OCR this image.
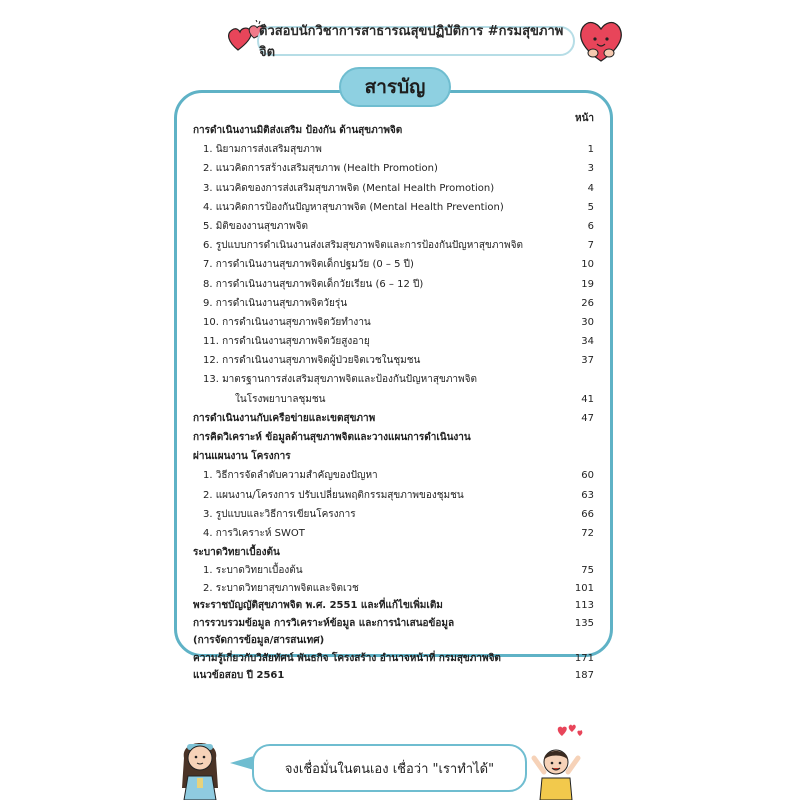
ติวสอบนักวิชาการสาธารณสุขปฏิบัติการ #กรมสุขภาพจิต
สารบัญ
หน้า
การดำเนินงานมิติส่งเสริม ป้องกัน ด้านสุขภาพจิต
1. นิยามการส่งเสริมสุขภาพ	1
2. แนวคิดการสร้างเสริมสุขภาพ (Health Promotion)	3
3. แนวคิดของการส่งเสริมสุขภาพจิต (Mental Health Promotion)	4
4. แนวคิดการป้องกันปัญหาสุขภาพจิต (Mental Health Prevention)	5
5. มิติของงานสุขภาพจิต	6
6. รูปแบบการดำเนินงานส่งเสริมสุขภาพจิตและการป้องกันปัญหาสุขภาพจิต	7
7. การดำเนินงานสุขภาพจิตเด็กปฐมวัย (0 – 5 ปี)	10
8. การดำเนินงานสุขภาพจิตเด็กวัยเรียน (6 – 12 ปี)	19
9. การดำเนินงานสุขภาพจิตวัยรุ่น	26
10. การดำเนินงานสุขภาพจิตวัยทำงาน	30
11. การดำเนินงานสุขภาพจิตวัยสูงอายุ	34
12. การดำเนินงานสุขภาพจิตผู้ป่วยจิตเวชในชุมชน	37
13. มาตรฐานการส่งเสริมสุขภาพจิตและป้องกันปัญหาสุขภาพจิต
ในโรงพยาบาลชุมชน	41
การดำเนินงานกับเครือข่ายและเขตสุขภาพ	47
การคิดวิเคราะห์ ข้อมูลด้านสุขภาพจิตและวางแผนการดำเนินงาน
ผ่านแผนงาน โครงการ
1. วิธีการจัดลำดับความสำคัญของปัญหา	60
2. แผนงาน/โครงการ ปรับเปลี่ยนพฤติกรรมสุขภาพของชุมชน	63
3. รูปแบบและวิธีการเขียนโครงการ	66
4. การวิเคราะห์ SWOT	72
ระบาดวิทยาเบื้องต้น
1. ระบาดวิทยาเบื้องต้น	75
2. ระบาดวิทยาสุขภาพจิตและจิตเวช	101
พระราชบัญญัติสุขภาพจิต พ.ศ. 2551 และที่แก้ไขเพิ่มเติม	113
การรวบรวมข้อมูล การวิเคราะห์ข้อมูล และการนำเสนอข้อมูล	135
(การจัดการข้อมูล/สารสนเทศ)
ความรู้เกี่ยวกับวิสัยทัศน์ พันธกิจ โครงสร้าง อำนาจหน้าที่ กรมสุขภาพจิต	171
แนวข้อสอบ ปี 2561	187
จงเชื่อมั่นในตนเอง เชื่อว่า "เราทำได้"
